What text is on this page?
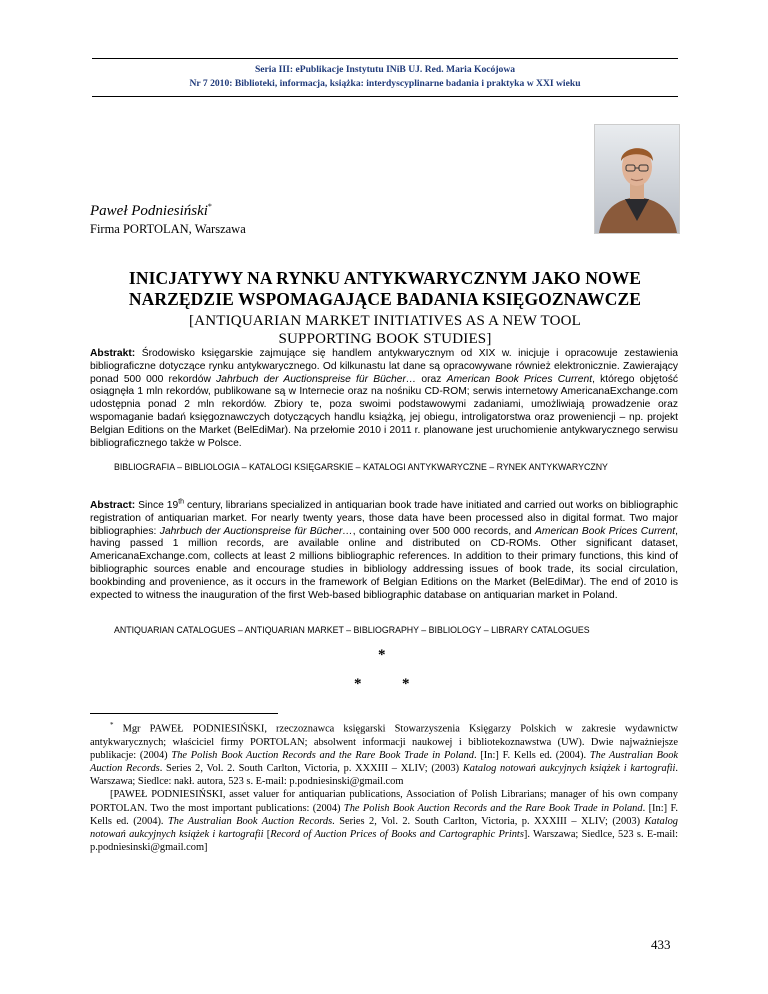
Seria III: ePublikacje Instytutu INiB UJ. Red. Maria Kocójowa
Nr 7 2010: Biblioteki, informacja, książka: interdyscyplinarne badania i praktyka w XXI wieku
Paweł Podniesiński*
Firma PORTOLAN, Warszawa
INICJATYWY NA RYNKU ANTYKWARYCZNYM JAKO NOWE
NARZĘDZIE WSPOMAGAJĄCE BADANIA KSIĘGOZNAWCZE
[ANTIQUARIAN MARKET INITIATIVES AS A NEW TOOL
SUPPORTING BOOK STUDIES]
Abstrakt: Środowisko księgarskie zajmujące się handlem antykwarycznym od XIX w. inicjuje i opracowuje zestawienia bibliograficzne dotyczące rynku antykwarycznego. Od kilkunastu lat dane są opracowywane również elektronicznie. Zawierający ponad 500 000 rekordów Jahrbuch der Auctionspreise für Bücher… oraz American Book Prices Current, którego objętość osiągnęła 1 mln rekordów, publikowane są w Internecie oraz na nośniku CD-ROM; serwis internetowy AmericanaExchange.com udostępnia ponad 2 mln rekordów. Zbiory te, poza swoimi podstawowymi zadaniami, umożliwiają prowadzenie oraz wspomaganie badań księgoznawczych dotyczących handlu książką, jej obiegu, introligatorstwa oraz proweniencji – np. projekt Belgian Editions on the Market (BelEdiMar). Na przełomie 2010 i 2011 r. planowane jest uruchomienie antykwarycznego serwisu bibliograficznego także w Polsce.
BIBLIOGRAFIA – BIBLIOLOGIA – KATALOGI KSIĘGARSKIE – KATALOGI ANTYKWARYCZNE – RYNEK ANTYKWARYCZNY
Abstract: Since 19th century, librarians specialized in antiquarian book trade have initiated and carried out works on bibliographic registration of antiquarian market. For nearly twenty years, those data have been processed also in digital format. Two major bibliographies: Jahrbuch der Auctionspreise für Bücher…, containing over 500 000 records, and American Book Prices Current, having passed 1 million records, are available online and distributed on CD-ROMs. Other significant dataset, AmericanaExchange.com, collects at least 2 millions bibliographic references. In addition to their primary functions, this kind of bibliographic sources enable and encourage studies in bibliology addressing issues of book trade, its social circulation, bookbinding and provenience, as it occurs in the framework of Belgian Editions on the Market (BelEdiMar). The end of 2010 is expected to witness the inauguration of the first Web-based bibliographic database on antiquarian market in Poland.
ANTIQUARIAN CATALOGUES – ANTIQUARIAN MARKET – BIBLIOGRAPHY – BIBLIOLOGY – LIBRARY CATALOGUES
*
*	*

* Mgr PAWEŁ PODNIESIŃSKI, rzeczoznawca księgarski Stowarzyszenia Księgarzy Polskich w zakresie wydawnictw antykwarycznych; właściciel firmy PORTOLAN; absolwent informacji naukowej i bibliotekoznawstwa (UW). Dwie najważniejsze publikacje: (2004) The Polish Book Auction Records and the Rare Book Trade in Poland. [In:] F. Kells ed. (2004). The Australian Book Auction Records. Series 2, Vol. 2. South Carlton, Victoria, p. XXXIII – XLIV; (2003) Katalog notowań aukcyjnych książek i kartografii. Warszawa; Siedlce: nakł. autora, 523 s. E-mail: p.podniesinski@gmail.com

[PAWEŁ PODNIESIŃSKI, asset valuer for antiquarian publications, Association of Polish Librarians; manager of his own company PORTOLAN. Two the most important publications: (2004) The Polish Book Auction Records and the Rare Book Trade in Poland. [In:] F. Kells ed. (2004). The Australian Book Auction Records. Series 2, Vol. 2. South Carlton, Victoria, p. XXXIII – XLIV; (2003) Katalog notowań aukcyjnych książek i kartografii [Record of Auction Prices of Books and Cartographic Prints]. Warszawa; Siedlce, 523 s. E-mail: p.podniesinski@gmail.com]

433
